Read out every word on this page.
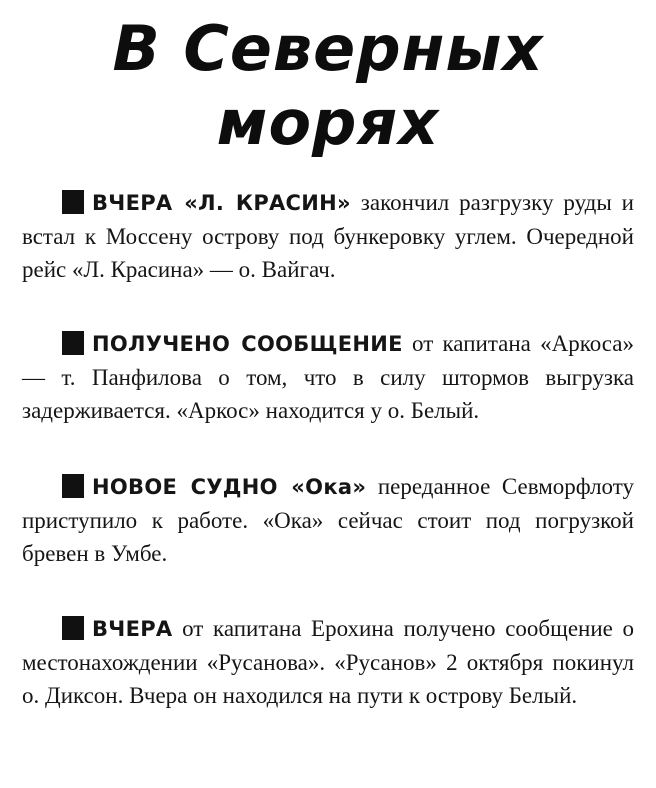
В Северных
морях

ВЧЕРА «Л. КРАСИН» закончил разгрузку руды и встал к Моссену острову под бункеровку углем. Очередной рейс «Л. Красина» — о. Вайгач.

ПОЛУЧЕНО СООБЩЕНИЕ от капитана «Аркоса» — т. Панфилова о том, что в силу штормов выгрузка задерживается. «Аркос» находится у о. Белый.

НОВОЕ СУДНО «Ока» переданное Севморфлоту приступило к работе. «Ока» сейчас стоит под погрузкой бревен в Умбе.

ВЧЕРА от капитана Ерохина получено сообщение о местонахождении «Русанова». «Русанов» 2 октября покинул о. Диксон. Вчера он находился на пути к острову Белый.
